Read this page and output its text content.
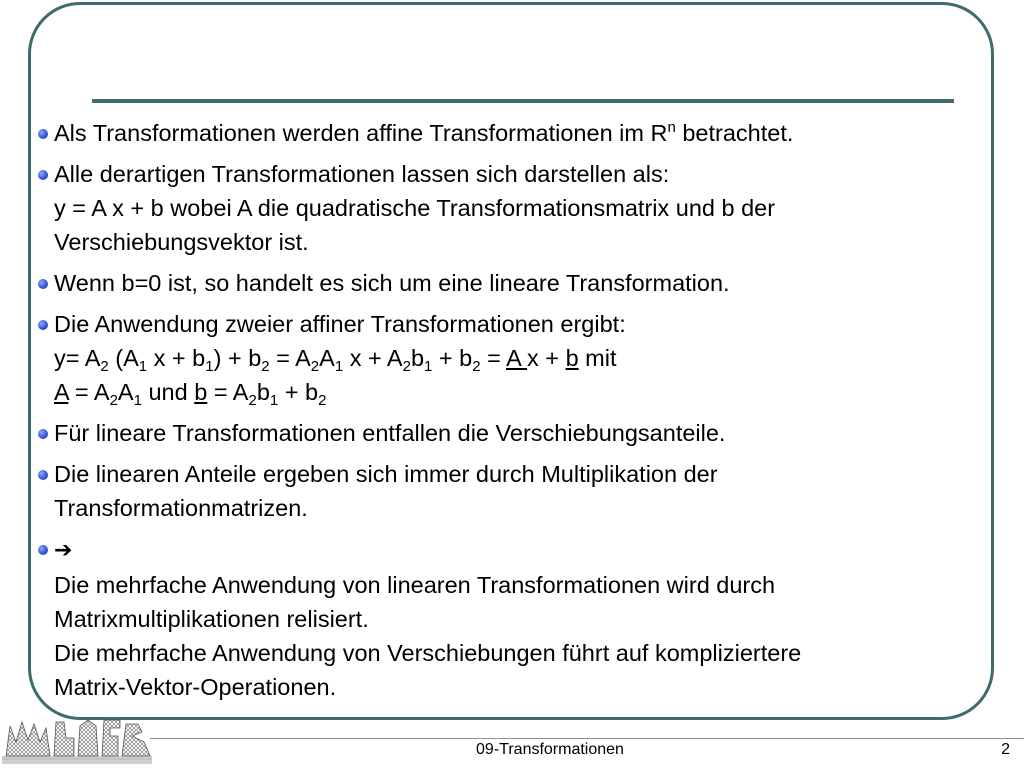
Als Transformationen werden affine Transformationen im $R^n$ betrachtet.
Alle derartigen Transformationen lassen sich darstellen als:
y = A x + b wobei A die quadratische Transformationsmatrix und b der
Verschiebungsvektor ist.
Wenn b=0 ist, so handelt es sich um eine lineare Transformation.
Die Anwendung zweier affiner Transformationen ergibt:
$y= A_2$ ($A_1$ $x + b_1) + b_2 = A_2A_1$ $x + A_2b_1 + b_2 = A$ x + b mit
$A = A_2A_1$ und $b = A_2b_1 + b_2$
Für lineare Transformationen entfallen die Verschiebungsanteile.
Die linearen Anteile ergeben sich immer durch Multiplikation der
Transformationmatrizen.
➔
Die mehrfache Anwendung von linearen Transformationen wird durch
Matrixmultiplikationen relisiert.
Die mehrfache Anwendung von Verschiebungen führt auf kompliziertere
Matrix-Vektor-Operationen.
09-Transformationen	2
